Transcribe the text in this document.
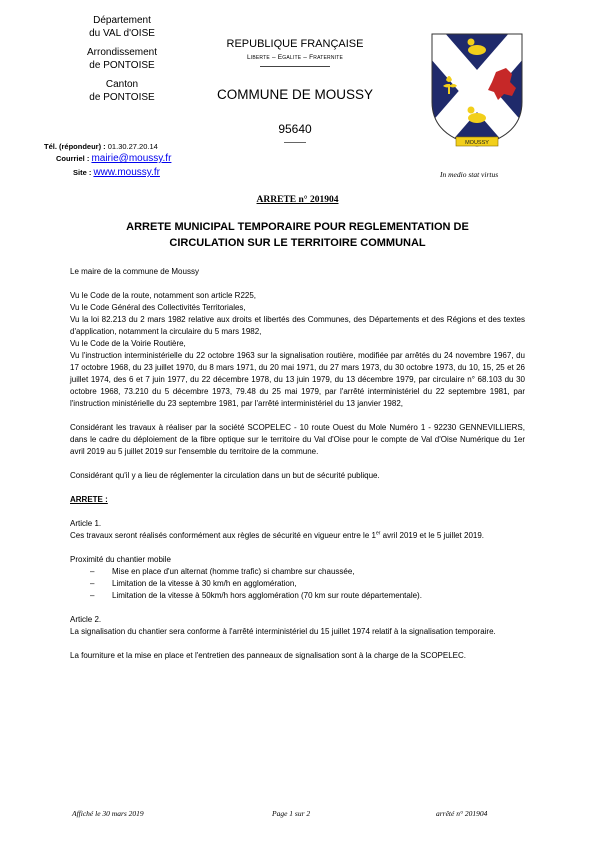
Département
du VAL d'OISE

Arrondissement
de PONTOISE

Canton
de PONTOISE

Tél. (répondeur) : 01.30.27.20.14
Courriel : mairie@moussy.fr
Site : www.moussy.fr
REPUBLIQUE FRANÇAISE
Liberte – Egalite – Fraternite
COMMUNE DE MOUSSY
95640
MOUSSY
In medio stat virtus
ARRETE n° 201904
ARRETE MUNICIPAL TEMPORAIRE POUR REGLEMENTATION DE
CIRCULATION SUR LE TERRITOIRE COMMUNAL

Le maire de la commune de Moussy

Vu le Code de la route, notamment son article R225,

Vu le Code Général des Collectivités Territoriales,

Vu la loi 82.213 du 2 mars 1982 relative aux droits et libertés des Communes, des Départements et des Régions et des textes d'application, notamment la circulaire du 5 mars 1982,

Vu le Code de la Voirie Routière,

Vu l'instruction interministérielle du 22 octobre 1963 sur la signalisation routière, modifiée par arrêtés du 24 novembre 1967, du 17 octobre 1968, du 23 juillet 1970, du 8 mars 1971, du 20 mai 1971, du 27 mars 1973, du 30 octobre 1973, du 10, 15, 25 et 26 juillet 1974, des 6 et 7 juin 1977, du 22 décembre 1978, du 13 juin 1979, du 13 décembre 1979, par circulaire n° 68.103 du 30 octobre 1968, 73.210 du 5 décembre 1973, 79.48 du 25 mai 1979, par l'arrêté interministériel du 22 septembre 1981, par l'instruction ministérielle du 23 septembre 1981, par l'arrêté interministériel du 13 janvier 1982,

Considérant les travaux à réaliser par la société SCOPELEC - 10 route Ouest du Mole Numéro 1 - 92230 GENNEVILLIERS, dans le cadre du déploiement de la fibre optique sur le territoire du Val d'Oise pour le compte de Val d'Oise Numérique du 1er avril 2019 au 5 juillet 2019 sur l'ensemble du territoire de la commune.

Considérant qu'il y a lieu de réglementer la circulation dans un but de sécurité publique.

ARRETE :

Article 1.

Ces travaux seront réalisés conformément aux règles de sécurité en vigueur entre le 1er avril 2019 et le 5 juillet 2019.

Proximité du chantier mobile

– Mise en place d'un alternat (homme trafic) si chambre sur chaussée,
– Limitation de la vitesse à 30 km/h en agglomération,
– Limitation de la vitesse à 50km/h hors agglomération (70 km sur route départementale).

Article 2.

La signalisation du chantier sera conforme à l'arrêté interministériel du 15 juillet 1974 relatif à la signalisation temporaire.

La fourniture et la mise en place et l'entretien des panneaux de signalisation sont à la charge de la SCOPELEC.

Affiché le 30 mars 2019	Page 1 sur 2	arrêté n° 201904
